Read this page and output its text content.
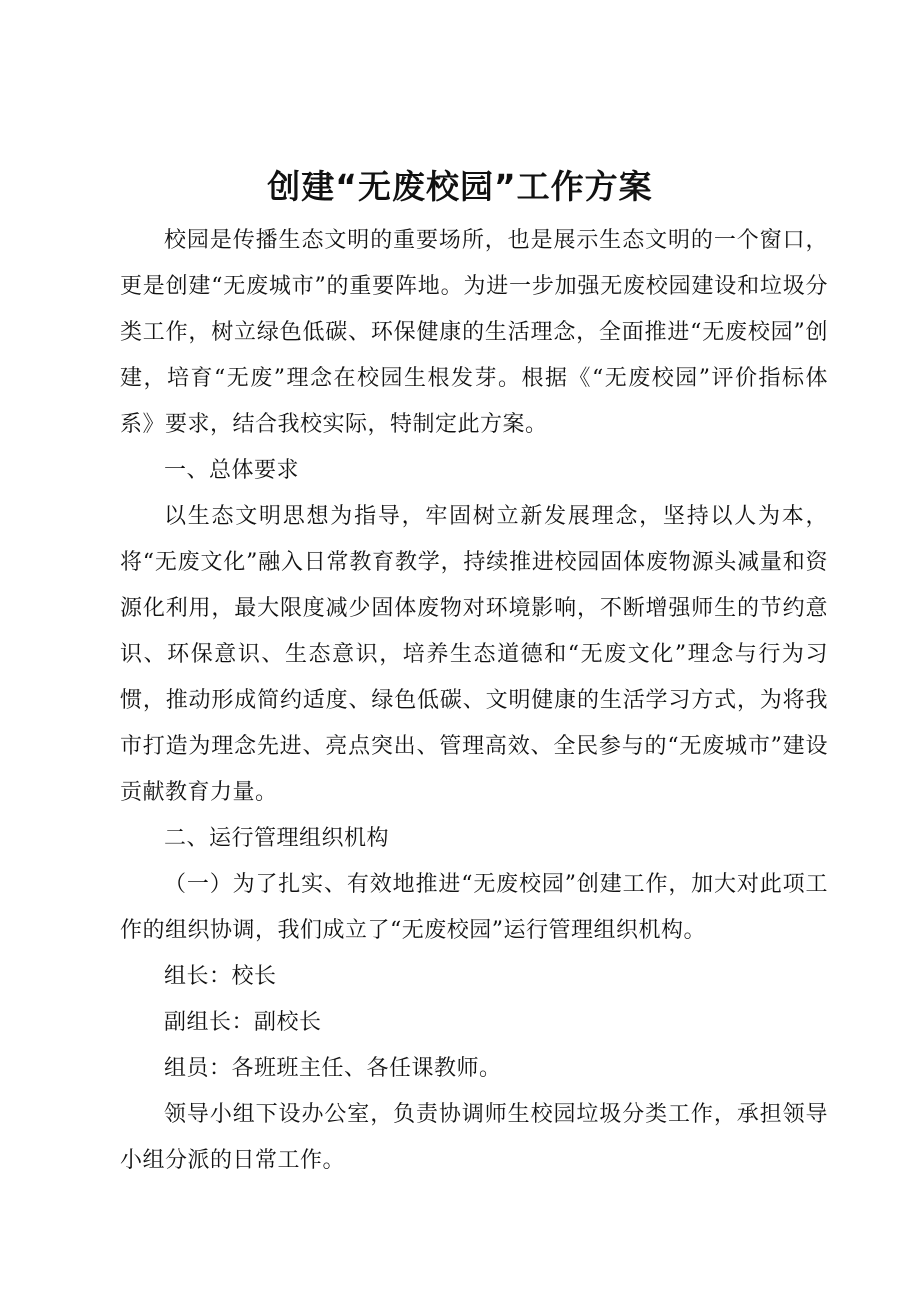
创建“无废校园”工作方案

校园是传播生态文明的重要场所，也是展示生态文明的一个窗口，更是创建“无废城市”的重要阵地。为进一步加强无废校园建设和垃圾分类工作，树立绿色低碳、环保健康的生活理念，全面推进“无废校园”创建，培育“无废”理念在校园生根发芽。根据《“无废校园”评价指标体系》要求，结合我校实际，特制定此方案。

一、总体要求

以生态文明思想为指导，牢固树立新发展理念，坚持以人为本，将“无废文化”融入日常教育教学，持续推进校园固体废物源头减量和资源化利用，最大限度减少固体废物对环境影响，不断增强师生的节约意识、环保意识、生态意识，培养生态道德和“无废文化”理念与行为习惯，推动形成简约适度、绿色低碳、文明健康的生活学习方式，为将我市打造为理念先进、亮点突出、管理高效、全民参与的“无废城市”建设贡献教育力量。

二、运行管理组织机构

（一）为了扎实、有效地推进“无废校园”创建工作，加大对此项工作的组织协调，我们成立了“无废校园”运行管理组织机构。

组长：校长

副组长：副校长

组员：各班班主任、各任课教师。

领导小组下设办公室，负责协调师生校园垃圾分类工作，承担领导小组分派的日常工作。
